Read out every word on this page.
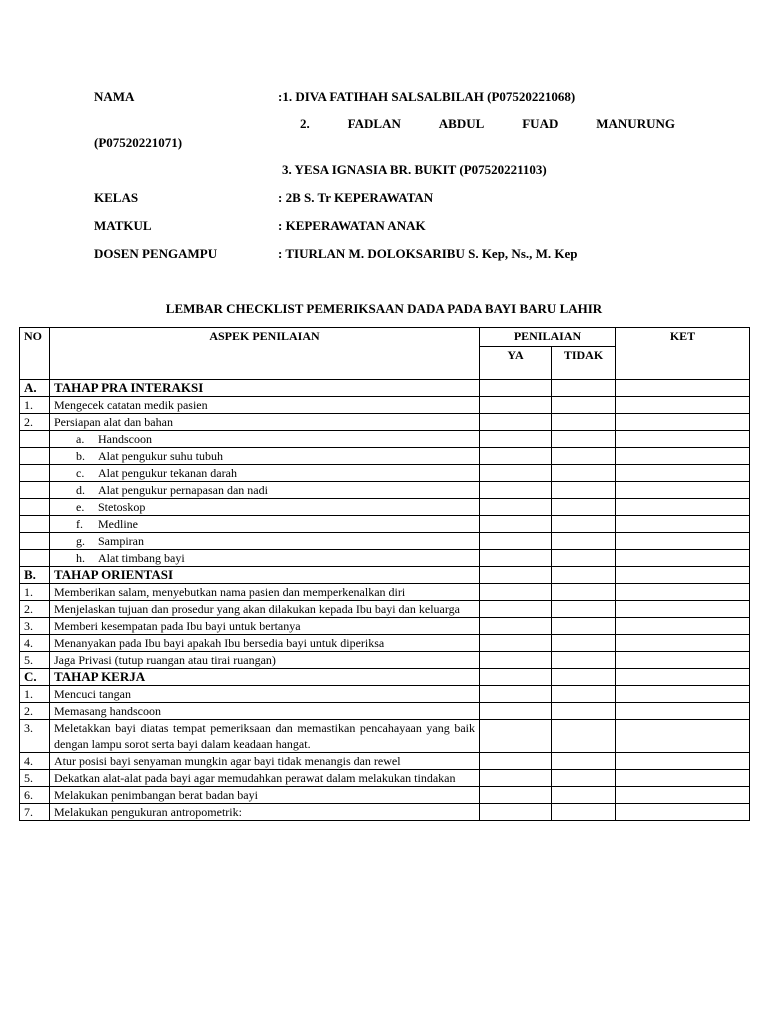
NAMA	:1. DIVA FATIHAH SALSALBILAH (P07520221068)
2.	FADLAN	ABDUL	FUAD	MANURUNG
(P07520221071)
3. YESA IGNASIA BR. BUKIT (P07520221103)
KELAS	: 2B S. Tr KEPERAWATAN
MATKUL	: KEPERAWATAN ANAK
DOSEN PENGAMPU	: TIURLAN M. DOLOKSARIBU S. Kep, Ns., M. Kep
LEMBAR CHECKLIST PEMERIKSAAN DADA PADA BAYI BARU LAHIR
NO	ASPEK PENILAIAN	PENILAIAN		KET
		YA	TIDAK	
A.	TAHAP PRA INTERAKSI			
1.	Mengecek catatan medik pasien			
2.	Persiapan alat dan bahan			
	a. Handscoon			
	b. Alat pengukur suhu tubuh			
	c. Alat pengukur tekanan darah			
	d. Alat pengukur pernapasan dan nadi			
	e. Stetoskop			
	f. Medline			
	g. Sampiran			
	h. Alat timbang bayi			
B.	TAHAP ORIENTASI			
1.	Memberikan salam, menyebutkan nama pasien dan memperkenalkan diri			
2.	Menjelaskan tujuan dan prosedur yang akan dilakukan kepada Ibu bayi dan keluarga			
3.	Memberi kesempatan pada Ibu bayi untuk bertanya			
4.	Menanyakan pada Ibu bayi apakah Ibu bersedia bayi untuk diperiksa			
5.	Jaga Privasi (tutup ruangan atau tirai ruangan)			
C.	TAHAP KERJA			
1.	Mencuci tangan			
2.	Memasang handscoon			
3.	Meletakkan bayi diatas tempat pemeriksaan dan memastikan pencahayaan yang baik dengan lampu sorot serta bayi dalam keadaan hangat.			
4.	Atur posisi bayi senyaman mungkin agar bayi tidak menangis dan rewel			
5.	Dekatkan alat-alat pada bayi agar memudahkan perawat dalam melakukan tindakan			
6.	Melakukan penimbangan berat badan bayi			
7.	Melakukan pengukuran antropometrik:			
